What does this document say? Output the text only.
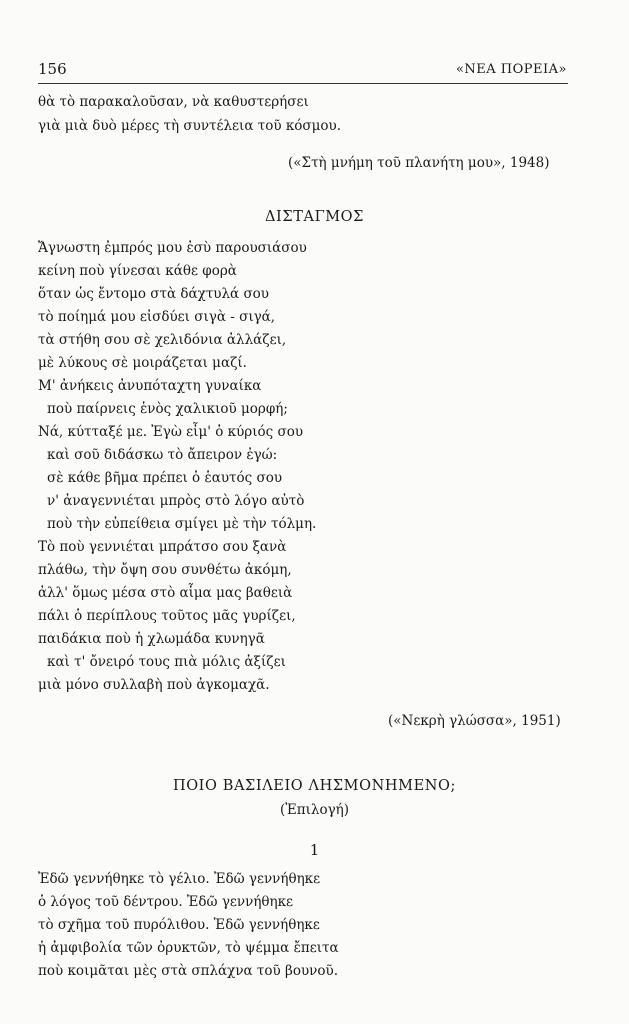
156	«ΝΕΑ ΠΟΡΕΙΑ»
θὰ τὸ παρακαλοῦσαν, νὰ καθυστερήσει
γιὰ μιὰ δυὸ μέρες τὴ συντέλεια τοῦ κόσμου.
(«Στὴ μνήμη τοῦ πλανήτη μου», 1948)
ΔΙΣΤΑΓΜΟΣ
Ἄγνωστη ἐμπρός μου ἐσὺ παρουσιάσου
κείνη ποὺ γίνεσαι κάθε φορὰ
ὅταν ὡς ἔντομο στὰ δάχτυλά σου
τὸ ποίημά μου εἰσδύει σιγὰ - σιγά,
τὰ στήθη σου σὲ χελιδόνια ἀλλάζει,
μὲ λύκους σὲ μοιράζεται μαζί.
Μ' ἀνήκεις ἀνυπόταχτη γυναίκα
ποὺ παίρνεις ἑνὸς χαλικιοῦ μορφή;
Νά, κύτταξέ με. Ἐγὼ εἶμ' ὁ κύριός σου
καὶ σοῦ διδάσκω τὸ ἄπειρον ἐγώ:
σὲ κάθε βῆμα πρέπει ὁ ἑαυτός σου
ν' ἀναγεννιέται μπρὸς στὸ λόγο αὐτὸ
ποὺ τὴν εὐπείθεια σμίγει μὲ τὴν τόλμη.
Τὸ ποὺ γεννιέται μπράτσο σου ξανὰ
πλάθω, τὴν ὄψη σου συνθέτω ἀκόμη,
ἀλλ' ὅμως μέσα στὸ αἷμα μας βαθειὰ
πάλι ὁ περίπλους τοῦτος μᾶς γυρίζει,
παιδάκια ποὺ ἡ χλωμάδα κυνηγᾶ
καὶ τ' ὄνειρό τους πιὰ μόλις ἀξίζει
μιὰ μόνο συλλαβὴ ποὺ ἀγκομαχᾶ.
(«Νεκρὴ γλώσσα», 1951)
ΠΟΙΟ ΒΑΣΙΛΕΙΟ ΛΗΣΜΟΝΗΜΕΝΟ;
(Ἐπιλογή)
1
Ἐδῶ γεννήθηκε τὸ γέλιο. Ἐδῶ γεννήθηκε
ὁ λόγος τοῦ δέντρου. Ἐδῶ γεννήθηκε
τὸ σχῆμα τοῦ πυρόλιθου. Ἐδῶ γεννήθηκε
ἡ ἀμφιβολία τῶν ὀρυκτῶν, τὸ ψέμμα ἔπειτα
ποὺ κοιμᾶται μὲς στὰ σπλάχνα τοῦ βουνοῦ.
